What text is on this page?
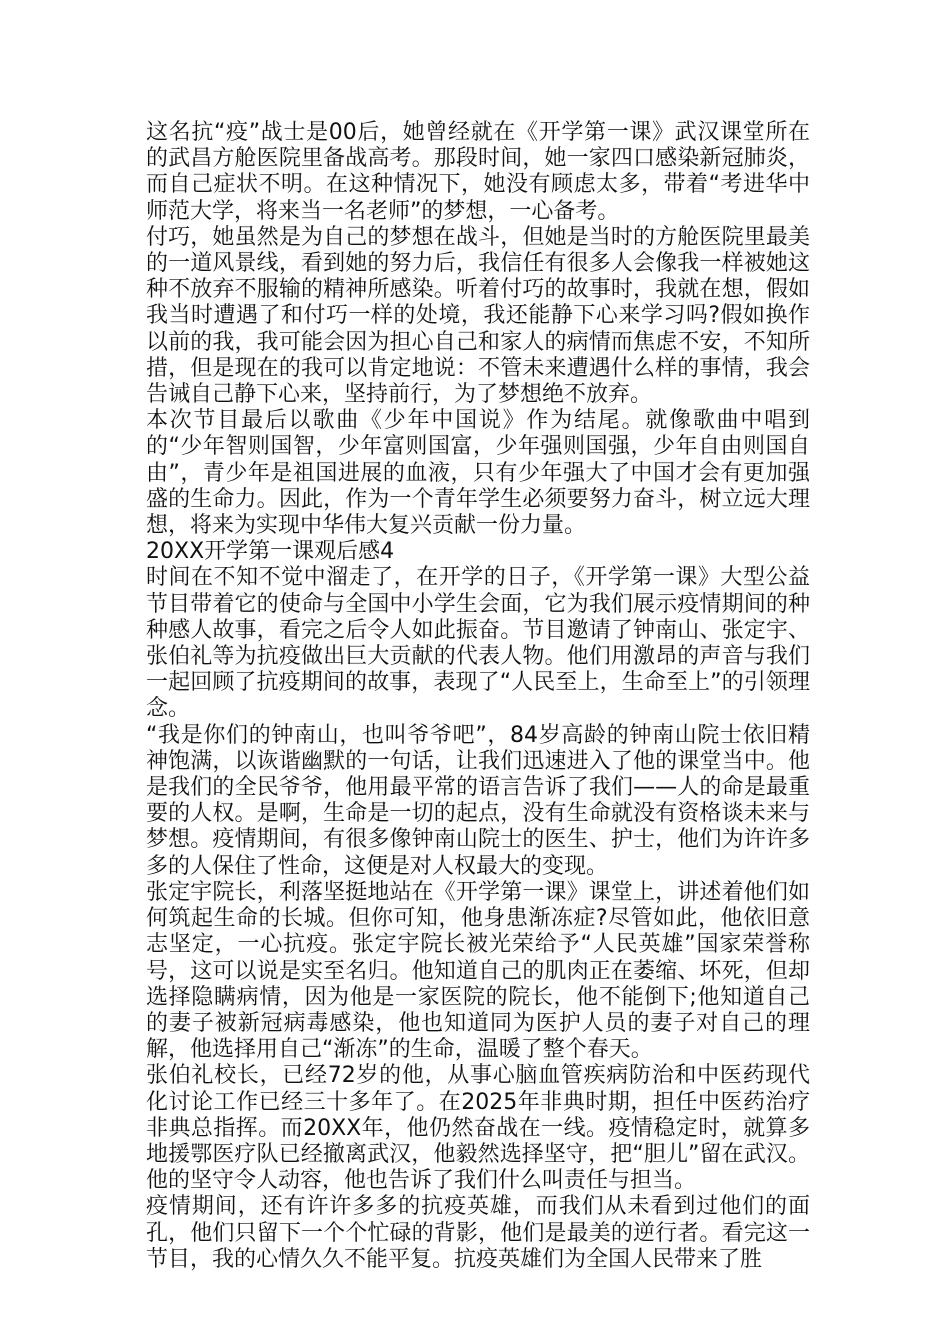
这名抗“疫”战士是00后，她曾经就在《开学第一课》武汉课堂所在的武昌方舱医院里备战高考。那段时间，她一家四口感染新冠肺炎，而自己症状不明。在这种情况下，她没有顾虑太多，带着“考进华中师范大学，将来当一名老师”的梦想，一心备考。

付巧，她虽然是为自己的梦想在战斗，但她是当时的方舱医院里最美的一道风景线，看到她的努力后，我信任有很多人会像我一样被她这种不放弃不服输的精神所感染。听着付巧的故事时，我就在想，假如我当时遭遇了和付巧一样的处境，我还能静下心来学习吗?假如换作以前的我，我可能会因为担心自己和家人的病情而焦虑不安，不知所措，但是现在的我可以肯定地说：不管未来遭遇什么样的事情，我会告诫自己静下心来，坚持前行，为了梦想绝不放弃。

本次节目最后以歌曲《少年中国说》作为结尾。就像歌曲中唱到的“少年智则国智，少年富则国富，少年强则国强，少年自由则国自由”，青少年是祖国进展的血液，只有少年强大了中国才会有更加强盛的生命力。因此，作为一个青年学生必须要努力奋斗，树立远大理想，将来为实现中华伟大复兴贡献一份力量。

20XX开学第一课观后感4

时间在不知不觉中溜走了，在开学的日子，《开学第一课》大型公益节目带着它的使命与全国中小学生会面，它为我们展示疫情期间的种种感人故事，看完之后令人如此振奋。节目邀请了钟南山、张定宇、张伯礼等为抗疫做出巨大贡献的代表人物。他们用激昂的声音与我们一起回顾了抗疫期间的故事，表现了“人民至上，生命至上”的引领理念。

“我是你们的钟南山，也叫爷爷吧”，84岁高龄的钟南山院士依旧精神饱满，以诙谐幽默的一句话，让我们迅速进入了他的课堂当中。他是我们的全民爷爷，他用最平常的语言告诉了我们——人的命是最重要的人权。是啊，生命是一切的起点，没有生命就没有资格谈未来与梦想。疫情期间，有很多像钟南山院士的医生、护士，他们为许许多多的人保住了性命，这便是对人权最大的变现。

张定宇院长，利落坚挺地站在《开学第一课》课堂上，讲述着他们如何筑起生命的长城。但你可知，他身患渐冻症?尽管如此，他依旧意志坚定，一心抗疫。张定宇院长被光荣给予“人民英雄”国家荣誉称号，这可以说是实至名归。他知道自己的肌肉正在萎缩、坏死，但却选择隐瞒病情，因为他是一家医院的院长，他不能倒下;他知道自己的妻子被新冠病毒感染，他也知道同为医护人员的妻子对自己的理解，他选择用自己“渐冻”的生命，温暖了整个春天。

张伯礼校长，已经72岁的他，从事心脑血管疾病防治和中医药现代化讨论工作已经三十多年了。在2025年非典时期，担任中医药治疗非典总指挥。而20XX年，他仍然奋战在一线。疫情稳定时，就算多地援鄂医疗队已经撤离武汉，他毅然选择坚守，把“胆儿”留在武汉。他的坚守令人动容，他也告诉了我们什么叫责任与担当。

疫情期间，还有许许多多的抗疫英雄，而我们从未看到过他们的面孔，他们只留下一个个忙碌的背影，他们是最美的逆行者。看完这一节目，我的心情久久不能平复。抗疫英雄们为全国人民带来了胜
